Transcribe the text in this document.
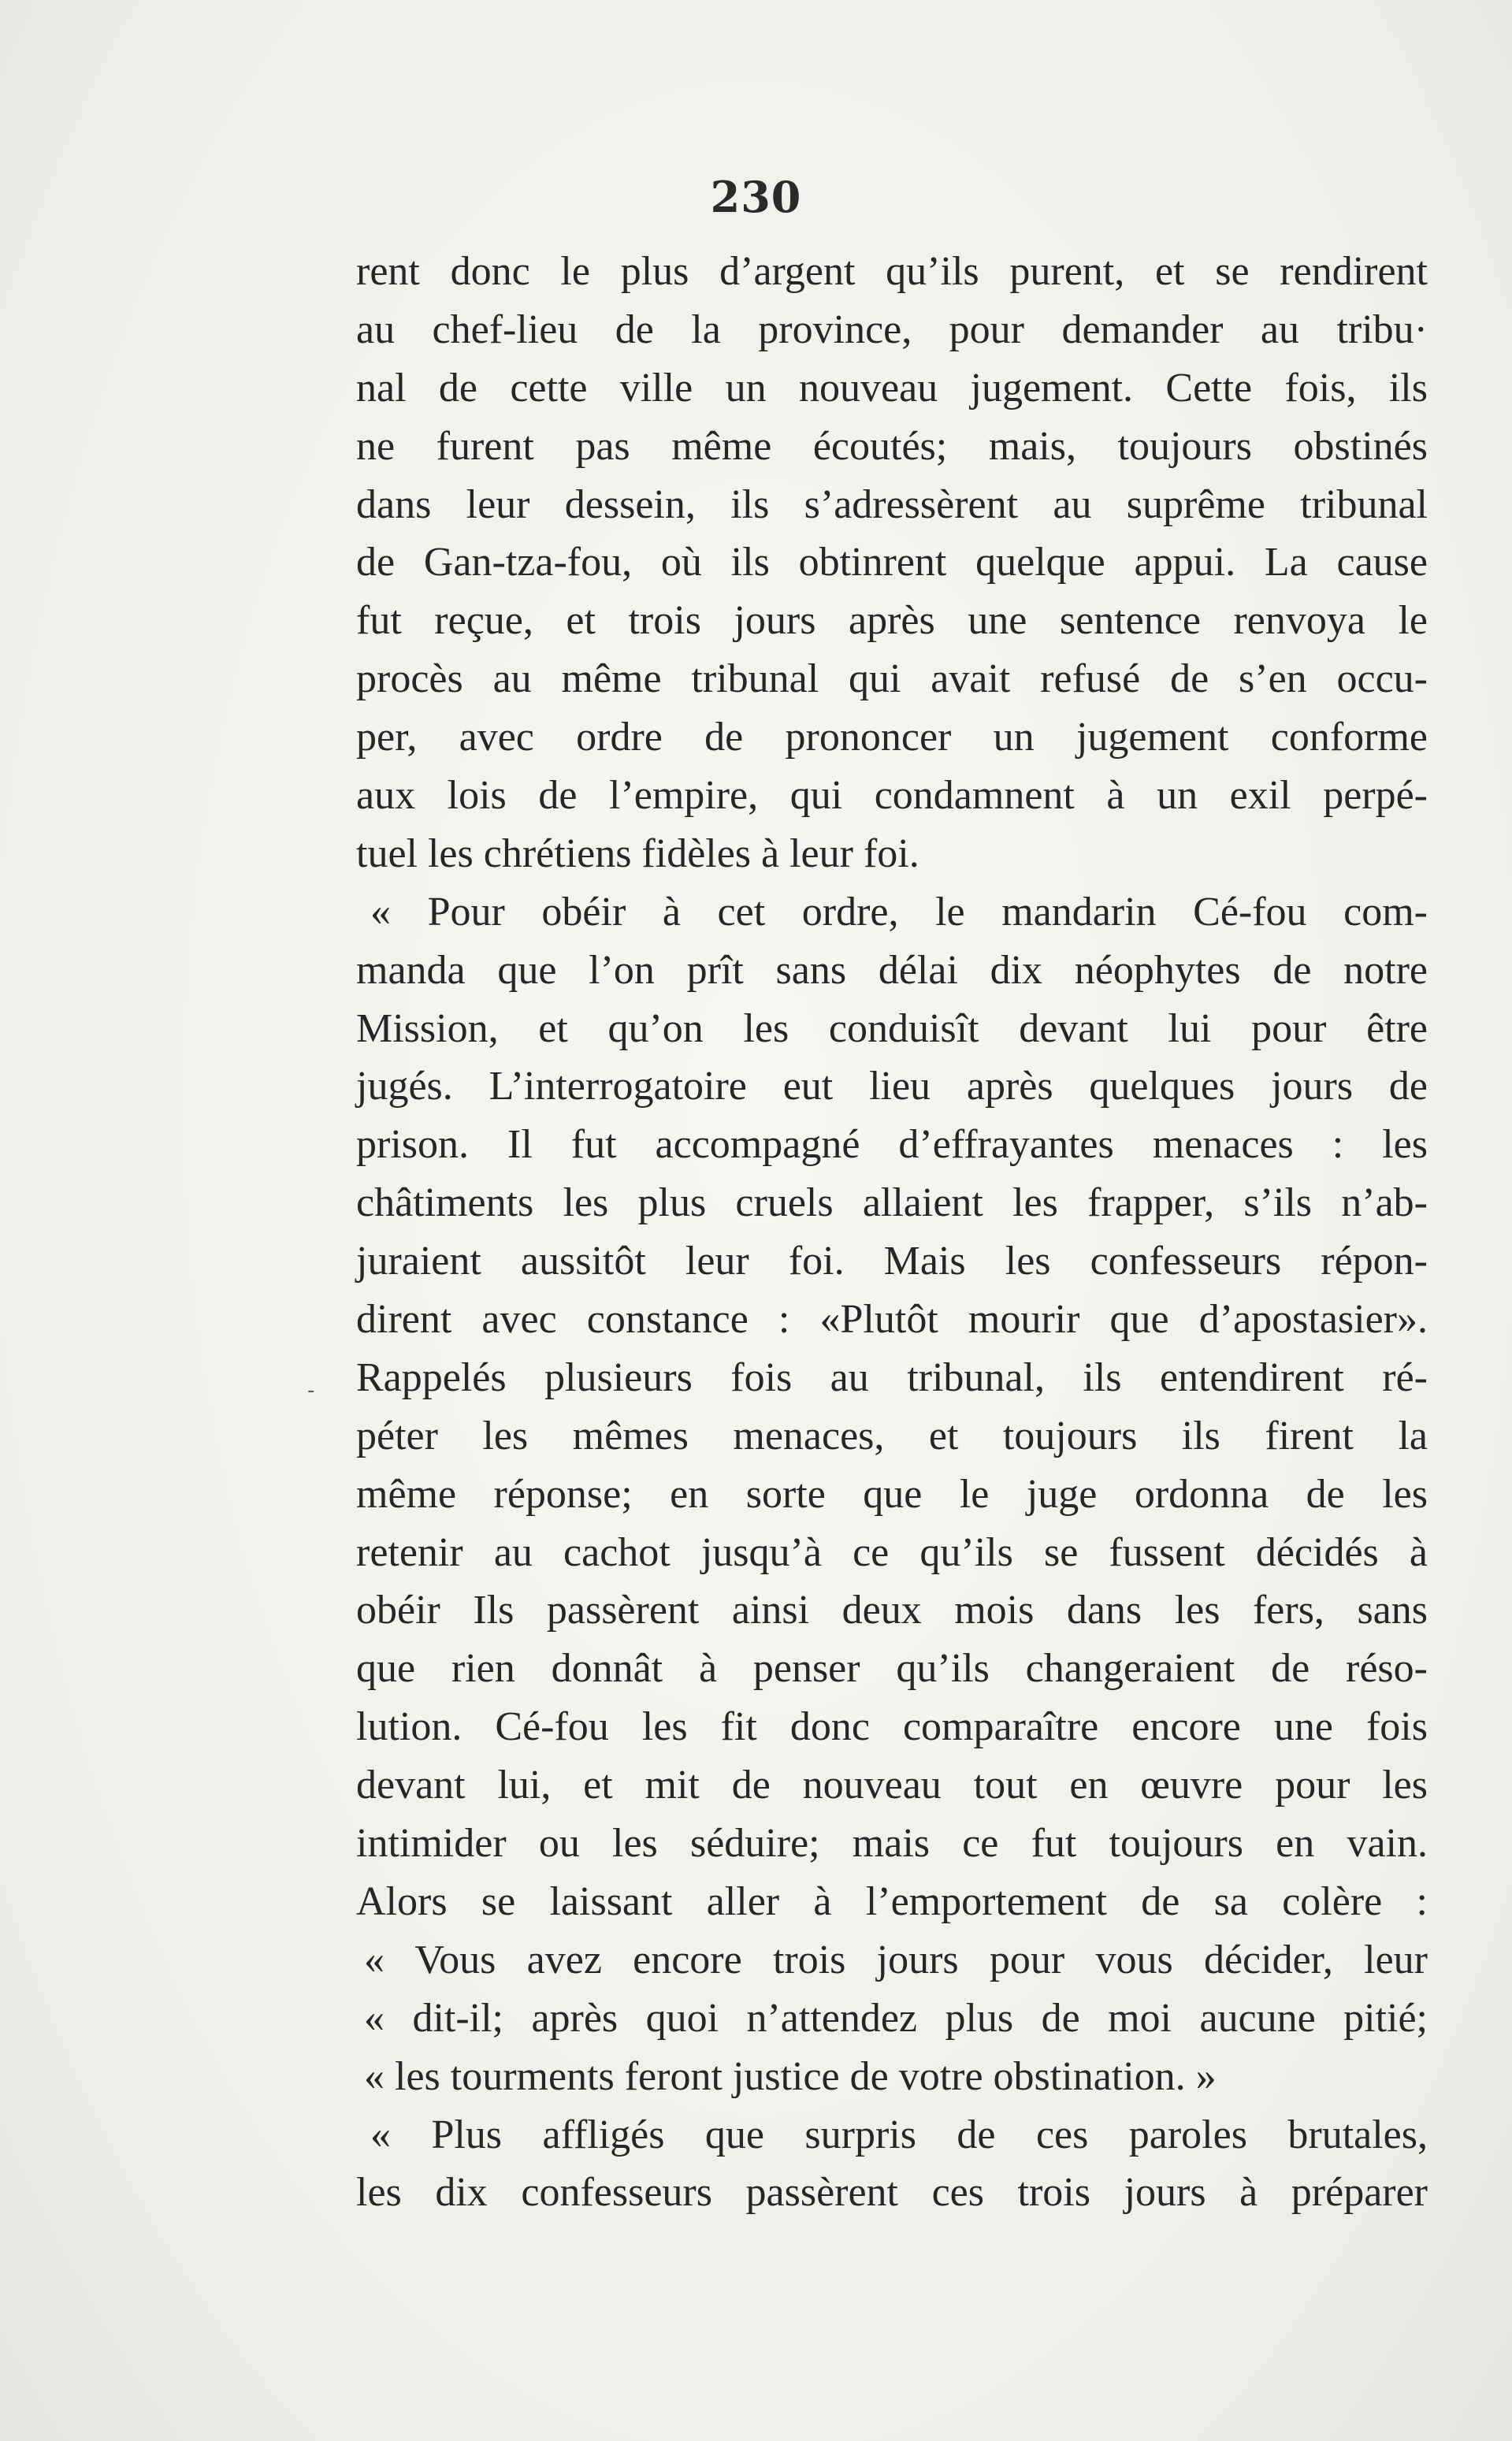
230
-
rent donc le plus d’argent qu’ils purent, et se rendirent
au chef-lieu de la province, pour demander au tribu·
nal de cette ville un nouveau jugement. Cette fois, ils
ne furent pas même écoutés; mais, toujours obstinés
dans leur dessein, ils s’adressèrent au suprême tribunal
de Gan-tza-fou, où ils obtinrent quelque appui. La cause
fut reçue, et trois jours après une sentence renvoya le
procès au même tribunal qui avait refusé de s’en occu-
per, avec ordre de prononcer un jugement conforme
aux lois de l’empire, qui condamnent à un exil perpé-
tuel les chrétiens fidèles à leur foi.
« Pour obéir à cet ordre, le mandarin Cé-fou com-
manda que l’on prît sans délai dix néophytes de notre
Mission, et qu’on les conduisît devant lui pour être
jugés. L’interrogatoire eut lieu après quelques jours de
prison. Il fut accompagné d’effrayantes menaces : les
châtiments les plus cruels allaient les frapper, s’ils n’ab-
juraient aussitôt leur foi. Mais les confesseurs répon-
dirent avec constance : «Plutôt mourir que d’apostasier».
Rappelés plusieurs fois au tribunal, ils entendirent ré-
péter les mêmes menaces, et toujours ils firent la
même réponse; en sorte que le juge ordonna de les
retenir au cachot jusqu’à ce qu’ils se fussent décidés à
obéir Ils passèrent ainsi deux mois dans les fers, sans
que rien donnât à penser qu’ils changeraient de réso-
lution. Cé-fou les fit donc comparaître encore une fois
devant lui, et mit de nouveau tout en œuvre pour les
intimider ou les séduire; mais ce fut toujours en vain.
Alors se laissant aller à l’emportement de sa colère :
« Vous avez encore trois jours pour vous décider, leur
« dit-il; après quoi n’attendez plus de moi aucune pitié;
« les tourments feront justice de votre obstination. »
« Plus affligés que surpris de ces paroles brutales,
les dix confesseurs passèrent ces trois jours à préparer
